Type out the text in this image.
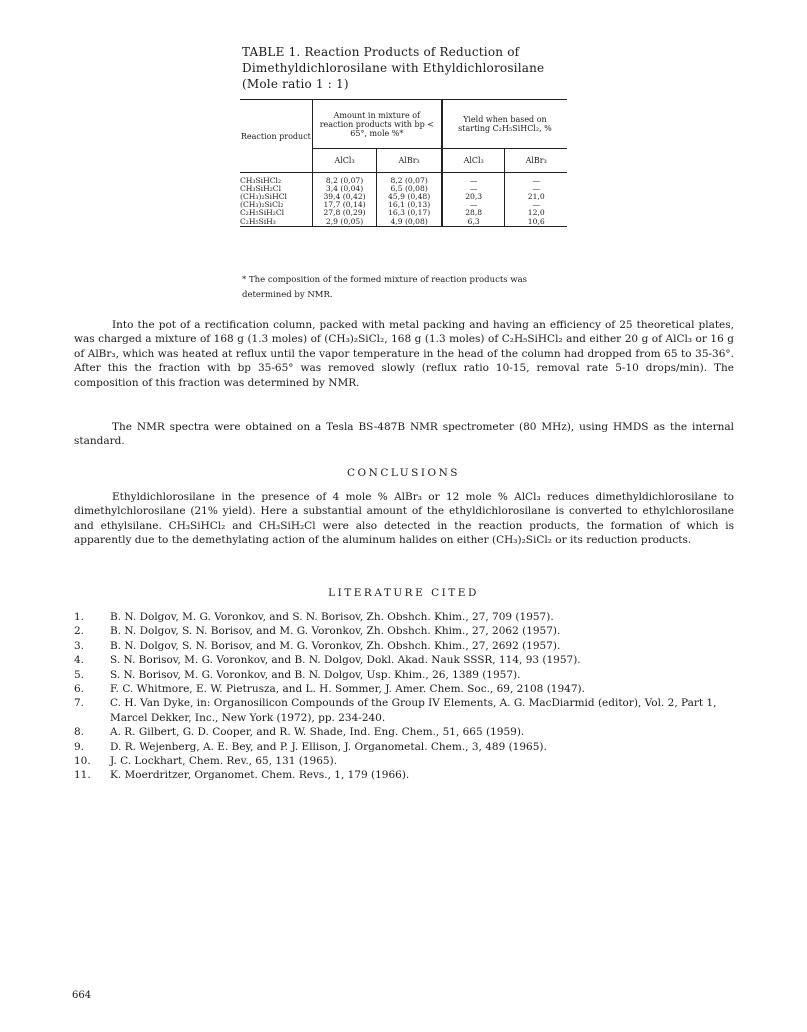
TABLE 1. Reaction Products of Reduction of Dimethyldichlorosilane with Ethyldichlorosilane (Mole ratio 1 : 1)
Reaction product	Amount in mixture of reaction products with bp < 65°, mole %*		Yield when based on starting C₂H₅SiHCl₂, %	
	AlCl₃	AlBr₃	AlCl₃	AlBr₃

CH₃SiHCl₂	8,2 (0,07)	8,2 (0,07)	—	—
CH₃SiH₂Cl	3,4 (0,04)	6,5 (0,08)	—	—
(CH₃)₂SiHCl	39,4 (0,42)	45,9 (0,48)	20,3	21,0
(CH₃)₂SiCl₂	17,7 (0,14)	16,1 (0,13)	—	—
C₂H₅SiH₂Cl	27,8 (0,29)	16,3 (0,17)	28,8	12,0
C₂H₅SiH₃	2,9 (0,05)	4,9 (0,08)	6,3	10,6
* The composition of the formed mixture of reaction products was determined by NMR.

Into the pot of a rectification column, packed with metal packing and having an efficiency of 25 theoretical plates, was charged a mixture of 168 g (1.3 moles) of (CH₃)₂SiCl₂, 168 g (1.3 moles) of C₂H₅SiHCl₂ and either 20 g of AlCl₃ or 16 g of AlBr₃, which was heated at reflux until the vapor temperature in the head of the column had dropped from 65 to 35-36°. After this the fraction with bp 35-65° was removed slowly (reflux ratio 10-15, removal rate 5-10 drops/min). The composition of this fraction was determined by NMR.

The NMR spectra were obtained on a Tesla BS-487B NMR spectrometer (80 MHz), using HMDS as the internal standard.

CONCLUSIONS

Ethyldichlorosilane in the presence of 4 mole % AlBr₃ or 12 mole % AlCl₃ reduces dimethyldichlorosilane to dimethylchlorosilane (21% yield). Here a substantial amount of the ethyldichlorosilane is converted to ethylchlorosilane and ethylsilane. CH₃SiHCl₂ and CH₃SiH₂Cl were also detected in the reaction products, the formation of which is apparently due to the demethylating action of the aluminum halides on either (CH₃)₂SiCl₂ or its reduction products.

LITERATURE CITED
1.	B. N. Dolgov, M. G. Voronkov, and S. N. Borisov, Zh. Obshch. Khim., 27, 709 (1957).
2.	B. N. Dolgov, S. N. Borisov, and M. G. Voronkov, Zh. Obshch. Khim., 27, 2062 (1957).
3.	B. N. Dolgov, S. N. Borisov, and M. G. Voronkov, Zh. Obshch. Khim., 27, 2692 (1957).
4.	S. N. Borisov, M. G. Voronkov, and B. N. Dolgov, Dokl. Akad. Nauk SSSR, 114, 93 (1957).
5.	S. N. Borisov, M. G. Voronkov, and B. N. Dolgov, Usp. Khim., 26, 1389 (1957).
6.	F. C. Whitmore, E. W. Pietrusza, and L. H. Sommer, J. Amer. Chem. Soc., 69, 2108 (1947).
7.	C. H. Van Dyke, in: Organosilicon Compounds of the Group IV Elements, A. G. MacDiarmid (editor), Vol. 2, Part 1, Marcel Dekker, Inc., New York (1972), pp. 234-240.
8.	A. R. Gilbert, G. D. Cooper, and R. W. Shade, Ind. Eng. Chem., 51, 665 (1959).
9.	D. R. Wejenberg, A. E. Bey, and P. J. Ellison, J. Organometal. Chem., 3, 489 (1965).
10.	J. C. Lockhart, Chem. Rev., 65, 131 (1965).
11.	K. Moerdritzer, Organomet. Chem. Revs., 1, 179 (1966).
664
